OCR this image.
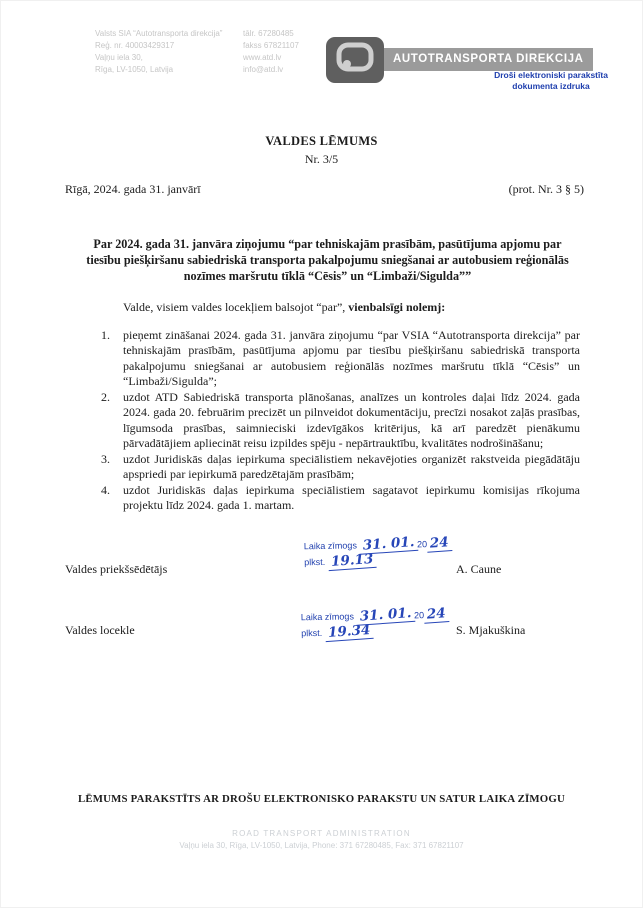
Valsts SIA “Autotransporta direkcija”
Reģ. nr. 40003429317
Vaļņu iela 30,
Rīga, LV-1050, Latvija
tālr. 67280485
fakss 67821107
www.atd.lv
info@atd.lv
AUTOTRANSPORTA DIREKCIJA
Droši elektroniski parakstīta
dokumenta izdruka
VALDES LĒMUMS
Nr. 3/5
Rīgā, 2024. gada 31. janvārī	(prot. Nr. 3 § 5)
Par 2024. gada 31. janvāra ziņojumu “par tehniskajām prasībām, pasūtījuma apjomu par tiesību piešķiršanu sabiedriskā transporta pakalpojumu sniegšanai ar autobusiem reģionālās nozīmes maršrutu tīklā “Cēsis” un “Limbaži/Sigulda””

Valde, visiem valdes locekļiem balsojot “par”, vienbalsīgi nolemj:

1.	pieņemt zināšanai 2024. gada 31. janvāra ziņojumu “par VSIA “Autotransporta direkcija” par tehniskajām prasībām, pasūtījuma apjomu par tiesību piešķiršanu sabiedriskā transporta pakalpojumu sniegšanai ar autobusiem reģionālās nozīmes maršrutu tīklā “Cēsis” un “Limbaži/Sigulda”;
2.	uzdot ATD Sabiedriskā transporta plānošanas, analīzes un kontroles daļai līdz 2024. gada 2024. gada 20. februārim precizēt un pilnveidot dokumentāciju, precīzi nosakot zaļās prasības, līgumsoda prasības, saimnieciski izdevīgākos kritērijus, kā arī paredzēt pienākumu pārvadātājiem apliecināt reisu izpildes spēju - nepārtrauktību, kvalitātes nodrošināšanu;
3.	uzdot Juridiskās daļas iepirkuma speciālistiem nekavējoties organizēt rakstveida piegādātāju apspriedi par iepirkumā paredzētajām prasībām;
4.	uzdot Juridiskās daļas iepirkuma speciālistiem sagatavot iepirkumu komisijas rīkojuma projektu līdz 2024. gada 1. martam.
Laika zīmogs 31. 01. 20 24
plkst. 19.13
Valdes priekšsēdētājs	A. Caune
Laika zīmogs 31. 01. 20 24
plkst. 19.34
Valdes locekle	S. Mjakuškina
LĒMUMS PARAKSTĪTS AR DROŠU ELEKTRONISKO PARAKSTU UN SATUR LAIKA ZĪMOGU
ROAD TRANSPORT ADMINISTRATION
Vaļņu iela 30, Rīga, LV-1050, Latvija, Phone: 371 67280485, Fax: 371 67821107
